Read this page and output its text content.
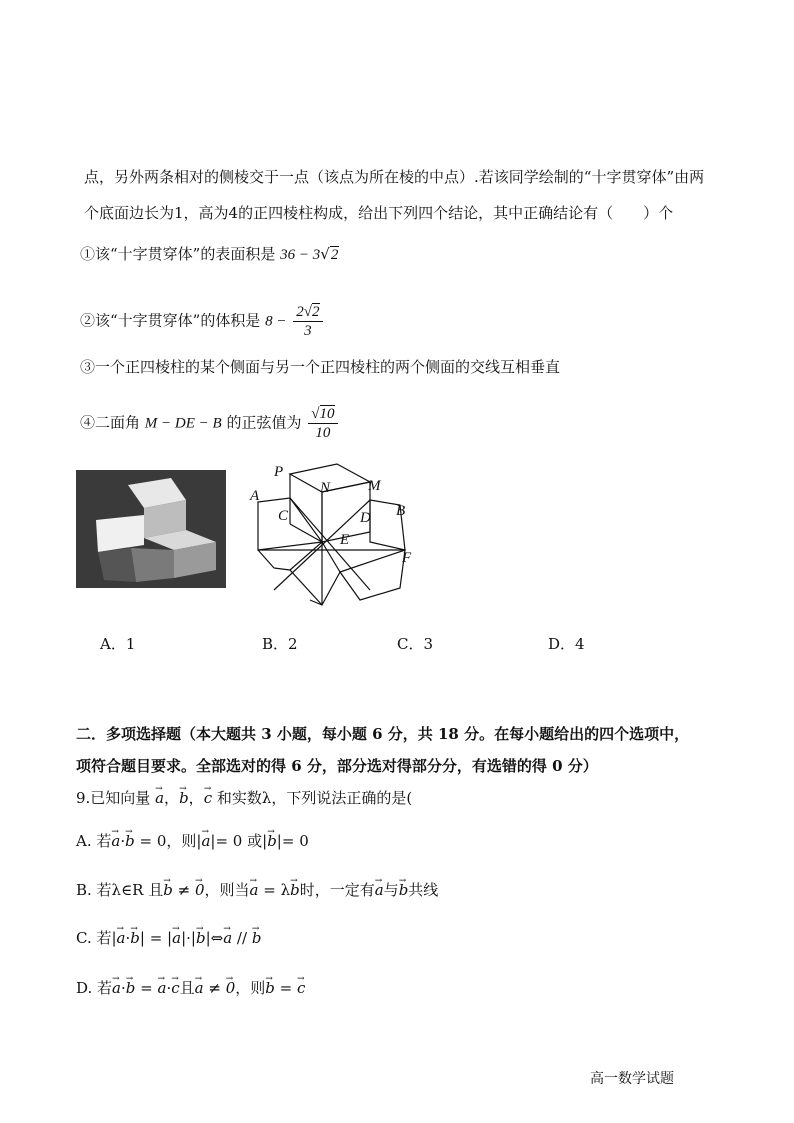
点，另外两条相对的侧棱交于一点（该点为所在棱的中点）.若该同学绘制的“十字贯穿体”由两
个底面边长为1，高为4的正四棱柱构成，给出下列四个结论，其中正确结论有（　　）个
①该“十字贯穿体”的表面积是 36 − 3√2
②该“十字贯穿体”的体积是 $8 - \frac{2√2}{3}$
③一个正四棱柱的某个侧面与另一个正四棱柱的两个侧面的交线互相垂直
④二面角 M − DE − B 的正弦值为 $\frac{√10}{10}$
P
N	M
A
C	D B
E
F
A．1	B．2	C．3	D．4
二．多项选择题（本大题共 3 小题，每小题 6 分，共 18 分。在每小题给出的四个选项中，
项符合题目要求。全部选对的得 6 分，部分选对得部分分，有选错的得 0 分）
9.已知向量 → a，→ b，→ c 和实数λ，下列说法正确的是(
A. 若→ a·→ b = 0，则|→ a|= 0 或|→ b|= 0
B. 若λ∈R 且→ b ≠ → 0，则当→ a = λ→ b时，一定有→ a与→ b共线
C. 若|→ a·→ b| = |→ a|·|→ b|⇔→ a // → b
D. 若→ a·→ b = → a·→ c且→ a ≠ → 0，则→ b = → c
高一数学试题
